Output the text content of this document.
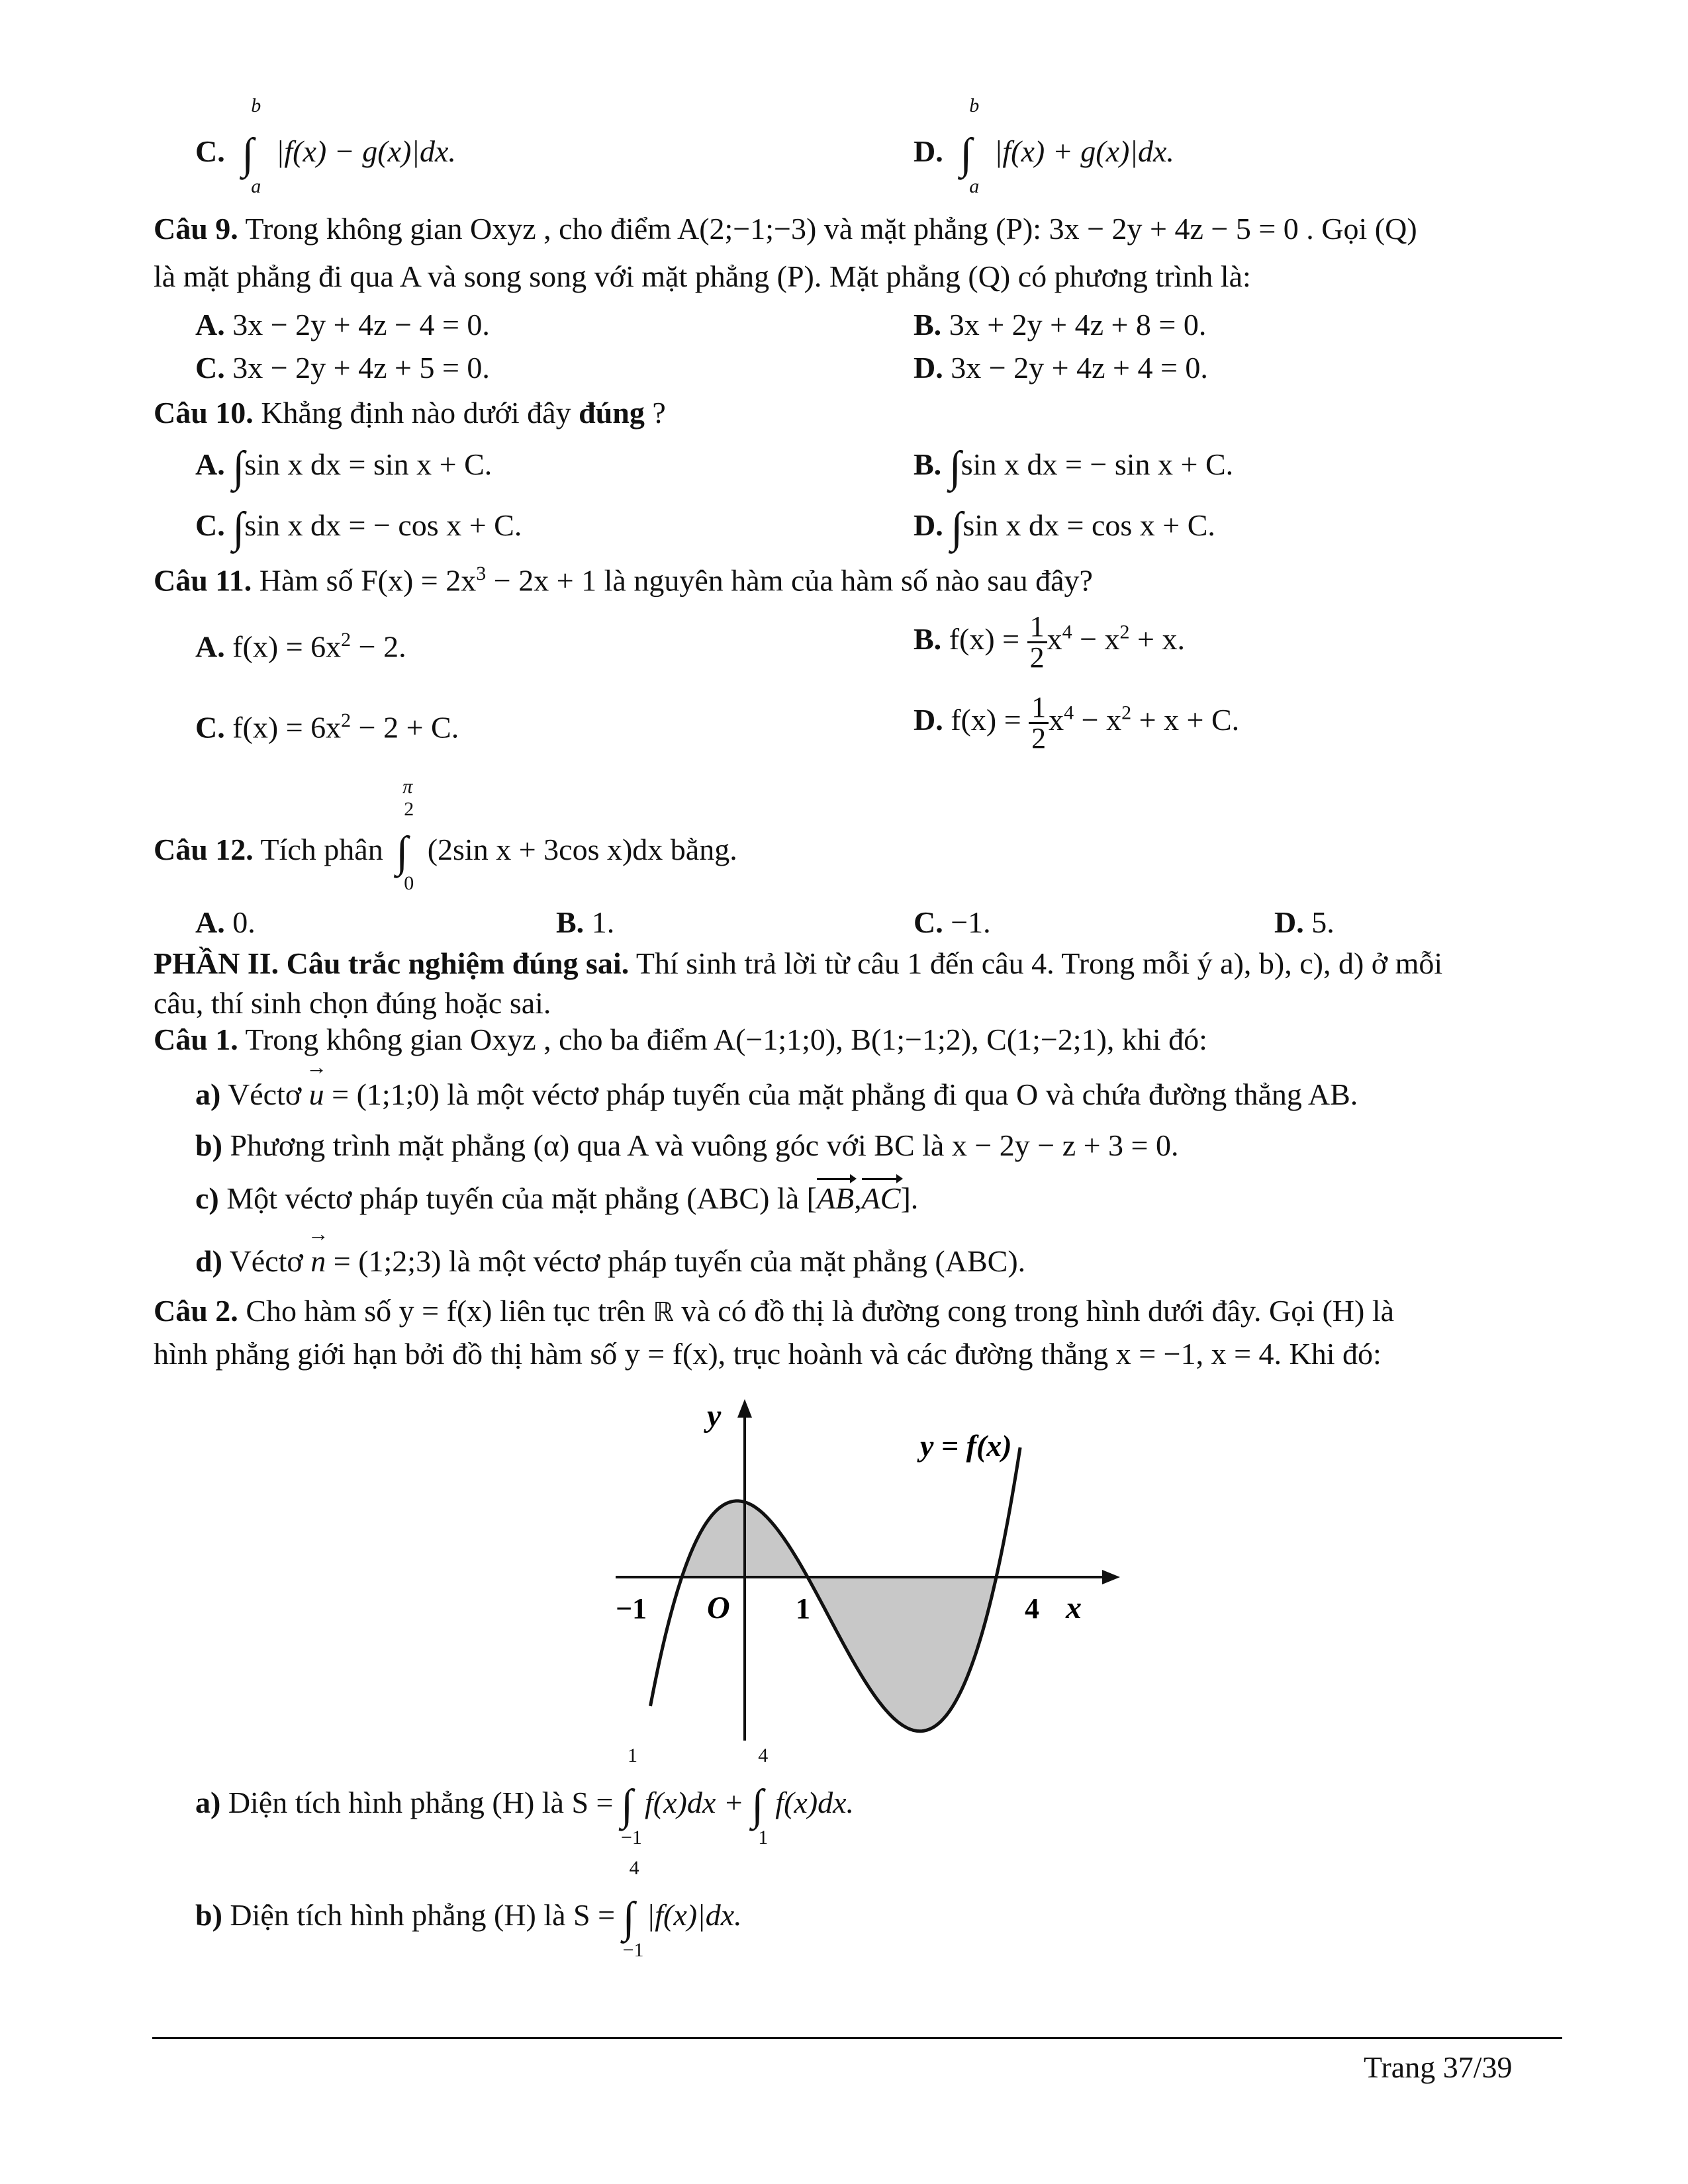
C.
b
∫
a
|f(x) − g(x)|dx.	D.
b
∫
a
|f(x) + g(x)|dx.
Câu 9. Trong không gian Oxyz , cho điểm A(2;−1;−3) và mặt phẳng (P): 3x − 2y + 4z − 5 = 0 . Gọi (Q)
là mặt phẳng đi qua A và song song với mặt phẳng (P). Mặt phẳng (Q) có phương trình là:
A. 3x − 2y + 4z − 4 = 0.	B. 3x + 2y + 4z + 8 = 0.
C. 3x − 2y + 4z + 5 = 0.	D. 3x − 2y + 4z + 4 = 0.
Câu 10. Khẳng định nào dưới đây đúng ?
A. ∫sin x dx = sin x + C.	B. ∫sin x dx = − sin x + C.
C. ∫sin x dx = − cos x + C.	D. ∫sin x dx = cos x + C.
Câu 11. Hàm số $F(x) = 2x^3 - 2x + 1$ là nguyên hàm của hàm số nào sau đây?
A. $f(x) = 6x^2 - 2$.	B. $f(x) = \frac{1}{2} x^4 - x^2 + x$.
C. $f(x) = 6x^2 - 2 + C$.	D. $f(x) = \frac{1}{2} x^4 - x^2 + x + C$.
Câu 12. Tích phân
π
2
∫
0
(2sin x + 3cos x)dx bằng.
A. 0.	B. 1.	C. −1.	D. 5.
PHẦN II. Câu trắc nghiệm đúng sai. Thí sinh trả lời từ câu 1 đến câu 4. Trong mỗi ý a), b), c), d) ở mỗi
câu, thí sinh chọn đúng hoặc sai.
Câu 1. Trong không gian Oxyz , cho ba điểm A(−1;1;0), B(1;−1;2), C(1;−2;1), khi đó:
a) Véctơ → u = (1;1;0) là một véctơ pháp tuyến của mặt phẳng đi qua O và chứa đường thẳng AB.
b) Phương trình mặt phẳng (α) qua A và vuông góc với BC là x − 2y − z + 3 = 0.
c) Một véctơ pháp tuyến của mặt phẳng (ABC) là [AB,AC].
d) Véctơ → n = (1;2;3) là một véctơ pháp tuyến của mặt phẳng (ABC).
Câu 2. Cho hàm số y = f(x) liên tục trên ℝ và có đồ thị là đường cong trong hình dưới đây. Gọi (H) là
hình phẳng giới hạn bởi đồ thị hàm số y = f(x), trục hoành và các đường thẳng x = −1, x = 4. Khi đó:
y
x
y = f(x)
O
−1	1	4
a) Diện tích hình phẳng (H) là S =
1
∫
−1
f(x)dx +
4
∫
1
f(x)dx.
b) Diện tích hình phẳng (H) là S =
4
∫
−1
|f(x)|dx.
Trang 37/39
